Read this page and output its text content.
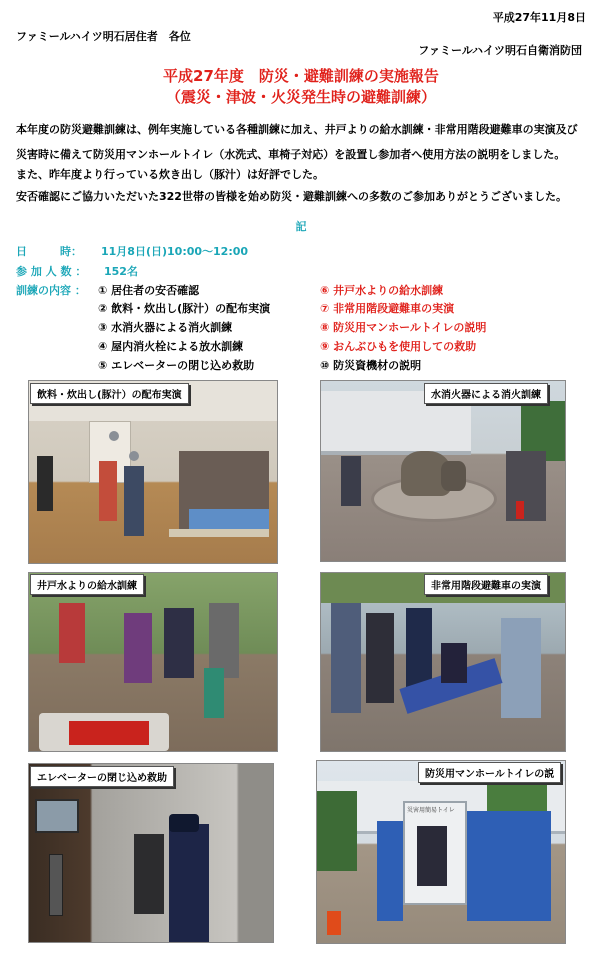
平成27年11月8日
ファミールハイツ明石居住者　各位
ファミールハイツ明石自衛消防団
平成27年度　防災・避難訓練の実施報告
（震災・津波・火災発生時の避難訓練）
本年度の防災避難訓練は、例年実施している各種訓練に加え、井戸よりの給水訓練・非常用階段避難車の実演及び
災害時に備えて防災用マンホールトイレ（水洗式、車椅子対応）を設置し参加者へ使用方法の説明をしました。
また、昨年度より行っている炊き出し（豚汁）は好評でした。
安否確認にご協力いただいた322世帯の皆様を始め防災・避難訓練への多数のご参加ありがとうございました。
記
日　　　時： 11月8日(日)10:00～12:00
参 加 人 数 ： 152名
訓練の内容 ： ① 居住者の安否確認
② 飲料・炊出し(豚汁）の配布実演
③ 水消火器による消火訓練
④ 屋内消火栓による放水訓練
⑤ エレベーターの閉じ込め救助
⑥ 井戸水よりの給水訓練
⑦ 非常用階段避難車の実演
⑧ 防災用マンホールトイレの説明
⑨ おんぶひもを使用しての救助
⑩ 防災資機材の説明
飲料・炊出し(豚汁）の配布実演	水消火器による消火訓練
井戸水よりの給水訓練	非常用階段避難車の実演
エレベーターの閉じ込め救助
災害用簡易トイレ
防災用マンホールトイレの説
